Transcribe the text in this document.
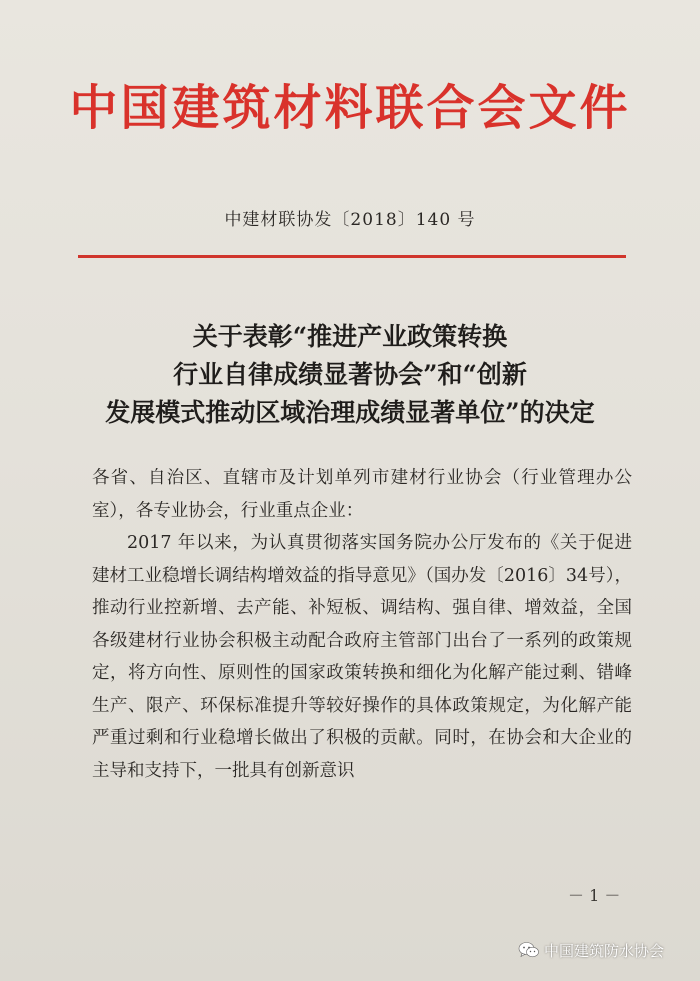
中国建筑材料联合会文件
中建材联协发〔2018〕140 号
关于表彰“推进产业政策转换
行业自律成绩显著协会”和“创新
发展模式推动区域治理成绩显著单位”的决定

各省、自治区、直辖市及计划单列市建材行业协会（行业管理办公室），各专业协会，行业重点企业：

2017 年以来，为认真贯彻落实国务院办公厅发布的《关于促进建材工业稳增长调结构增效益的指导意见》（国办发〔2016〕34号），推动行业控新增、去产能、补短板、调结构、强自律、增效益，全国各级建材行业协会积极主动配合政府主管部门出台了一系列的政策规定，将方向性、原则性的国家政策转换和细化为化解产能过剩、错峰生产、限产、环保标准提升等较好操作的具体政策规定，为化解产能严重过剩和行业稳增长做出了积极的贡献。同时，在协会和大企业的主导和支持下，一批具有创新意识

－ 1 －
中国建筑防水协会
